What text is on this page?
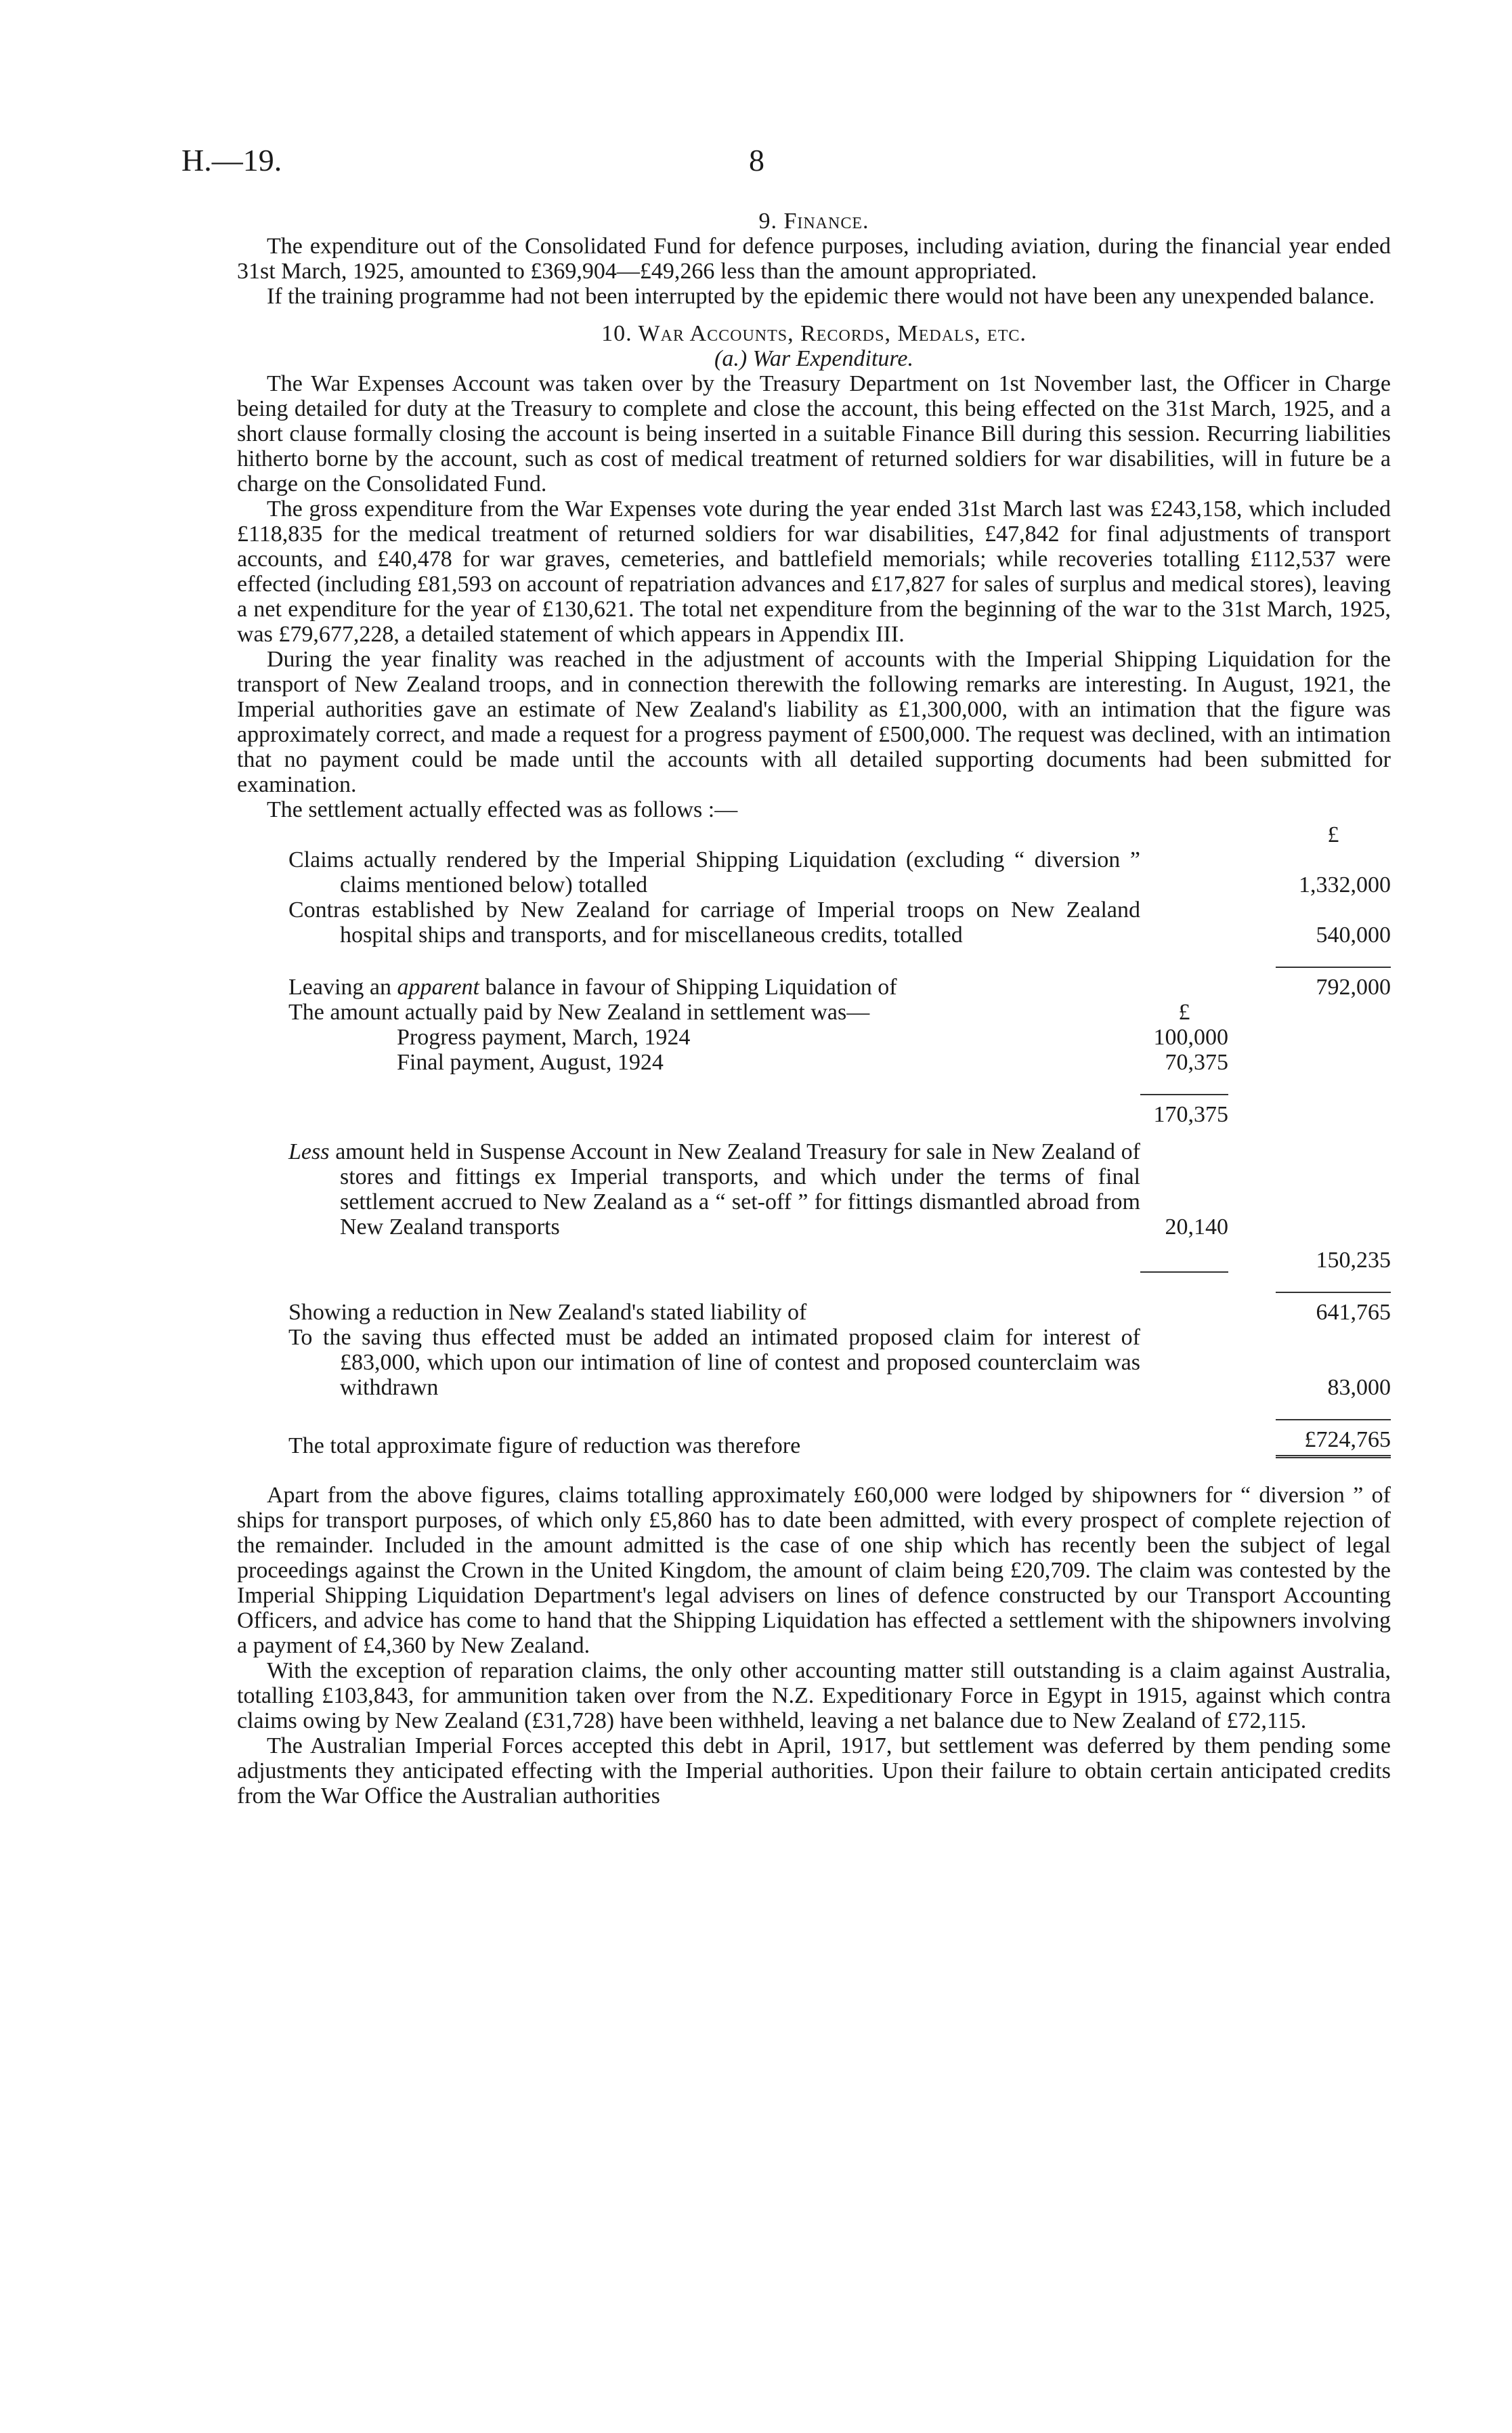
H.—19.	8
9. Finance.

The expenditure out of the Consolidated Fund for defence purposes, including aviation, during the financial year ended 31st March, 1925, amounted to £369,904—£49,266 less than the amount appropriated.

If the training programme had not been interrupted by the epidemic there would not have been any unexpended balance.

10. War Accounts, Records, Medals, etc.
(a.) War Expenditure.

The War Expenses Account was taken over by the Treasury Department on 1st November last, the Officer in Charge being detailed for duty at the Treasury to complete and close the account, this being effected on the 31st March, 1925, and a short clause formally closing the account is being inserted in a suitable Finance Bill during this session. Recurring liabilities hitherto borne by the account, such as cost of medical treatment of returned soldiers for war disabilities, will in future be a charge on the Consolidated Fund.

The gross expenditure from the War Expenses vote during the year ended 31st March last was £243,158, which included £118,835 for the medical treatment of returned soldiers for war disabilities, £47,842 for final adjustments of transport accounts, and £40,478 for war graves, cemeteries, and battlefield memorials; while recoveries totalling £112,537 were effected (including £81,593 on account of repatriation advances and £17,827 for sales of surplus and medical stores), leaving a net expenditure for the year of £130,621. The total net expenditure from the beginning of the war to the 31st March, 1925, was £79,677,228, a detailed statement of which appears in Appendix III.

During the year finality was reached in the adjustment of accounts with the Imperial Shipping Liquidation for the transport of New Zealand troops, and in connection therewith the following remarks are interesting. In August, 1921, the Imperial authorities gave an estimate of New Zealand's liability as £1,300,000, with an intimation that the figure was approximately correct, and made a request for a progress payment of £500,000. The request was declined, with an intimation that no payment could be made until the accounts with all detailed supporting documents had been submitted for examination.

The settlement actually effected was as follows :—

£
Claims actually rendered by the Imperial Shipping Liquidation (excluding “ diversion ” claims mentioned below) totalled	1,332,000
Contras established by New Zealand for carriage of Imperial troops on New Zealand hospital ships and transports, and for miscellaneous credits, totalled	540,000
Leaving an apparent balance in favour of Shipping Liquidation of	792,000
The amount actually paid by New Zealand in settlement was—	£
Progress payment, March, 1924	100,000
Final payment, August, 1924	70,375
170,375
Less amount held in Suspense Account in New Zealand Treasury for sale in New Zealand of stores and fittings ex Imperial transports, and which under the terms of final settlement accrued to New Zealand as a “ set-off ” for fittings dismantled abroad from New Zealand transports	20,140
150,235
Showing a reduction in New Zealand's stated liability of	641,765
To the saving thus effected must be added an intimated proposed claim for interest of £83,000, which upon our intimation of line of contest and proposed counterclaim was withdrawn	83,000
The total approximate figure of reduction was therefore	£724,765

Apart from the above figures, claims totalling approximately £60,000 were lodged by shipowners for “ diversion ” of ships for transport purposes, of which only £5,860 has to date been admitted, with every prospect of complete rejection of the remainder. Included in the amount admitted is the case of one ship which has recently been the subject of legal proceedings against the Crown in the United Kingdom, the amount of claim being £20,709. The claim was contested by the Imperial Shipping Liquidation Department's legal advisers on lines of defence constructed by our Transport Accounting Officers, and advice has come to hand that the Shipping Liquidation has effected a settlement with the shipowners involving a payment of £4,360 by New Zealand.

With the exception of reparation claims, the only other accounting matter still outstanding is a claim against Australia, totalling £103,843, for ammunition taken over from the N.Z. Expeditionary Force in Egypt in 1915, against which contra claims owing by New Zealand (£31,728) have been withheld, leaving a net balance due to New Zealand of £72,115.

The Australian Imperial Forces accepted this debt in April, 1917, but settlement was deferred by them pending some adjustments they anticipated effecting with the Imperial authorities. Upon their failure to obtain certain anticipated credits from the War Office the Australian authorities
